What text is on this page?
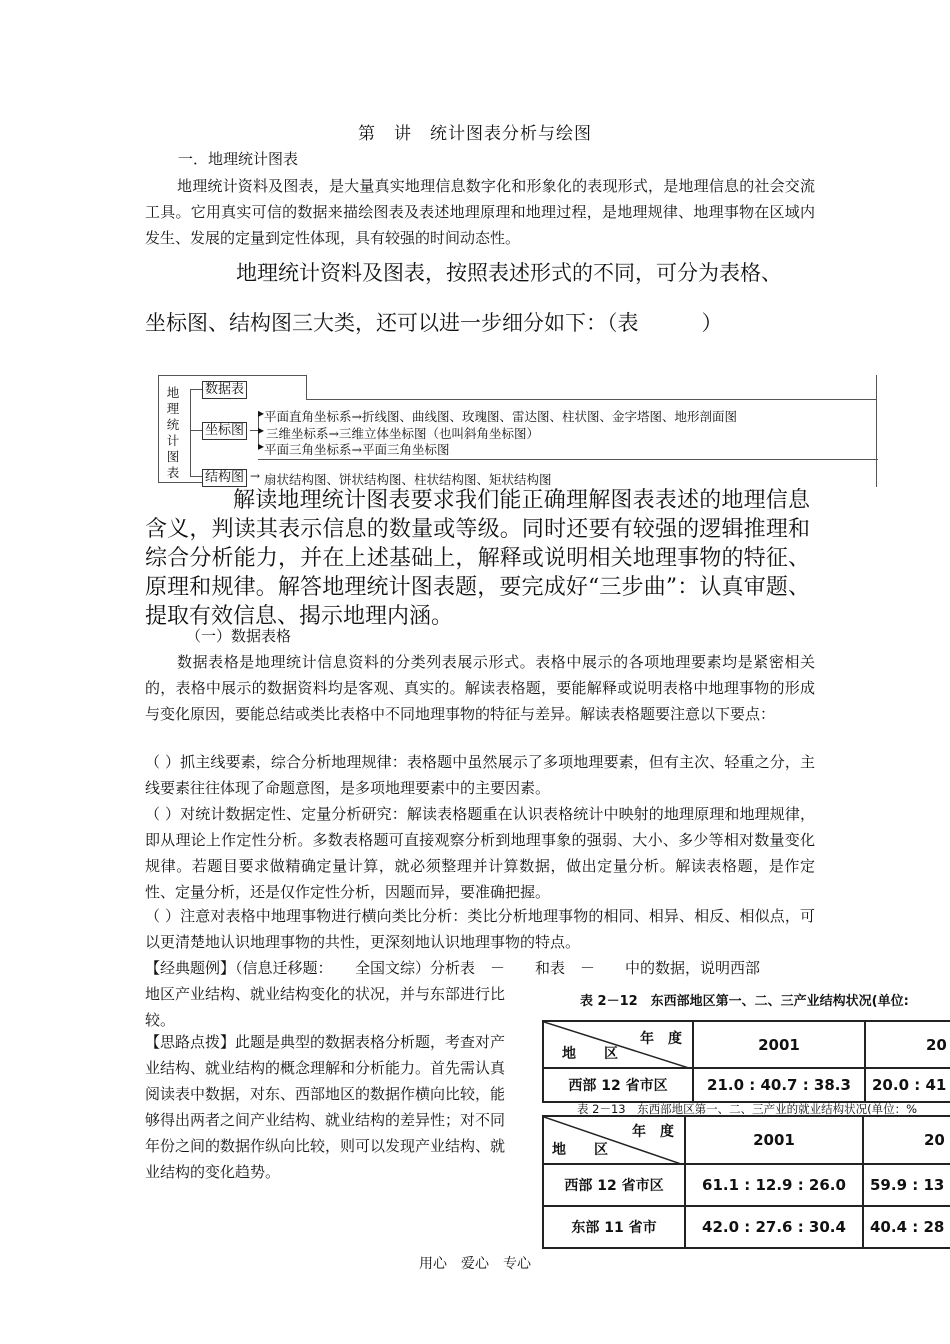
第　讲　统计图表分析与绘图
一．地理统计图表
地理统计资料及图表，是大量真实地理信息数字化和形象化的表现形式，是地理信息的社会交流工具。它用真实可信的数据来描绘图表及表述地理原理和地理过程，是地理规律、地理事物在区域内发生、发展的定量到定性体现，具有较强的时间动态性。
地理统计资料及图表，按照表述形式的不同，可分为表格、
坐标图、结构图三大类，还可以进一步细分如下：（表　　　）
地理统计图表
数据表
坐标图
结构图
▸
▸
▸
→
平面直角坐标系→折线图、曲线图、玫瑰图、雷达图、柱状图、金字塔图、地形剖面图
三维坐标系→三维立体坐标图（也叫斜角坐标图）
平面三角坐标系→平面三角坐标图
扇状结构图、饼状结构图、柱状结构图、矩状结构图
解读地理统计图表要求我们能正确理解图表表述的地理信息含义，判读其表示信息的数量或等级。同时还要有较强的逻辑推理和综合分析能力，并在上述基础上，解释或说明相关地理事物的特征、原理和规律。解答地理统计图表题，要完成好“三步曲”：认真审题、提取有效信息、揭示地理内涵。
（一）数据表格
数据表格是地理统计信息资料的分类列表展示形式。表格中展示的各项地理要素均是紧密相关的，表格中展示的数据资料均是客观、真实的。解读表格题，要能解释或说明表格中地理事物的形成与变化原因，要能总结或类比表格中不同地理事物的特征与差异。解读表格题要注意以下要点：
（ ）抓主线要素，综合分析地理规律：表格题中虽然展示了多项地理要素，但有主次、轻重之分，主线要素往往体现了命题意图，是多项地理要素中的主要因素。
（ ）对统计数据定性、定量分析研究：解读表格题重在认识表格统计中映射的地理原理和地理规律，即从理论上作定性分析。多数表格题可直接观察分析到地理事象的强弱、大小、多少等相对数量变化规律。若题目要求做精确定量计算，就必须整理并计算数据，做出定量分析。解读表格题，是作定性、定量分析，还是仅作定性分析，因题而异，要准确把握。
（ ）注意对表格中地理事物进行横向类比分析：类比分析地理事物的相同、相异、相反、相似点，可以更清楚地认识地理事物的共性，更深刻地认识地理事物的特点。
【经典题例】（信息迁移题：　　全国文综）分析表　－　　和表　－　　中的数据，说明西部
地区产业结构、就业结构变化的状况，并与东部进行比较。
【思路点拨】此题是典型的数据表格分析题，考查对产业结构、就业结构的概念理解和分析能力。首先需认真阅读表中数据，对东、西部地区的数据作横向比较，能够得出两者之间产业结构、就业结构的差异性；对不同年份之间的数据作纵向比较，则可以发现产业结构、就业结构的变化趋势。
表 2－12　东西部地区第一、二、三产业结构状况(单位:
年　度
地　　区	2001	20
西部 12 省市区	21.0 : 40.7 : 38.3	20.0 : 41
表 2－13　东西部地区第一、二、三产业的就业结构状况(单位：%
年　度
地　　区	2001	20
西部 12 省市区	61.1 : 12.9 : 26.0	59.9 : 13
东部 11 省市	42.0 : 27.6 : 30.4	40.4 : 28
用心　爱心　专心
